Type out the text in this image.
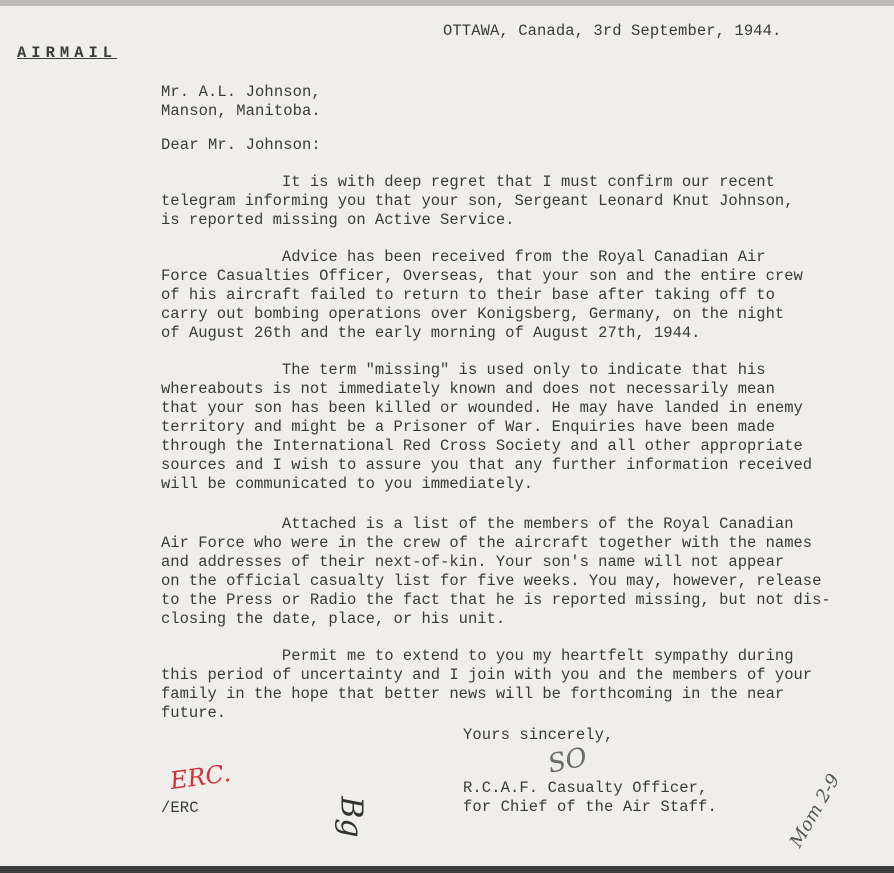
OTTAWA, Canada, 3rd September, 1944.
AIRMAIL
Mr. A.L. Johnson,
Manson, Manitoba.
Dear Mr. Johnson:
It is with deep regret that I must confirm our recent
telegram informing you that your son, Sergeant Leonard Knut Johnson,
is reported missing on Active Service.
Advice has been received from the Royal Canadian Air
Force Casualties Officer, Overseas, that your son and the entire crew
of his aircraft failed to return to their base after taking off to
carry out bombing operations over Konigsberg, Germany, on the night
of August 26th and the early morning of August 27th, 1944.
The term "missing" is used only to indicate that his
whereabouts is not immediately known and does not necessarily mean
that your son has been killed or wounded. He may have landed in enemy
territory and might be a Prisoner of War. Enquiries have been made
through the International Red Cross Society and all other appropriate
sources and I wish to assure you that any further information received
will be communicated to you immediately.
Attached is a list of the members of the Royal Canadian
Air Force who were in the crew of the aircraft together with the names
and addresses of their next-of-kin. Your son's name will not appear
on the official casualty list for five weeks. You may, however, release
to the Press or Radio the fact that he is reported missing, but not dis-
closing the date, place, or his unit.
Permit me to extend to you my heartfelt sympathy during
this period of uncertainty and I join with you and the members of your
family in the hope that better news will be forthcoming in the near
future.
Yours sincerely,
SO
R.C.A.F. Casualty Officer,
for Chief of the Air Staff.
/ERC
ERC.
Bg	Mom 2-9
